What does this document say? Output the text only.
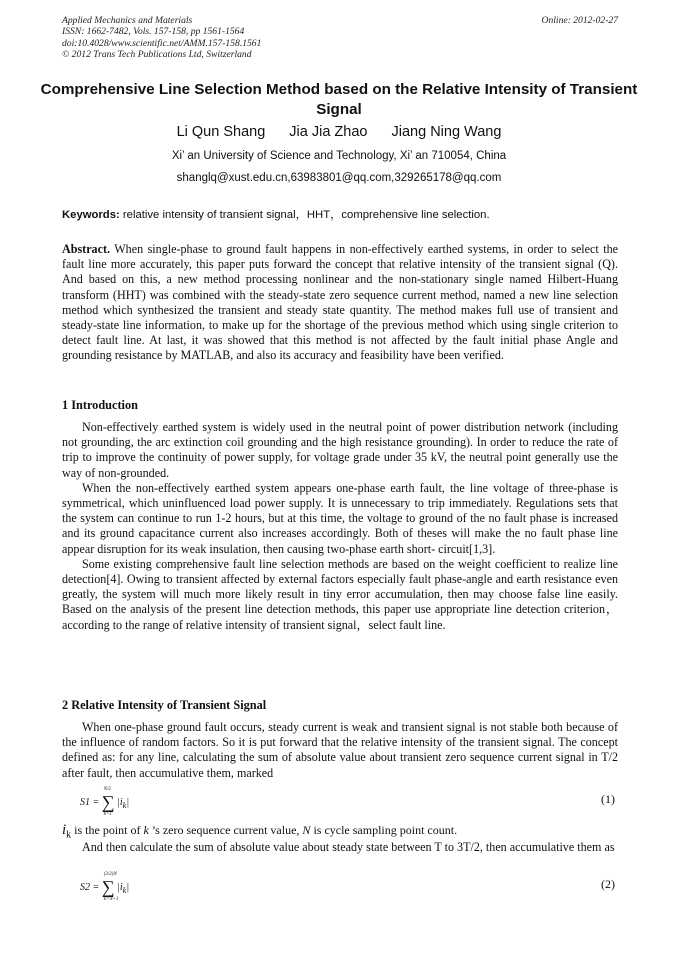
Applied Mechanics and Materials
ISSN: 1662-7482, Vols. 157-158, pp 1561-1564
doi:10.4028/www.scientific.net/AMM.157-158.1561
© 2012 Trans Tech Publications Ltd, Switzerland
Online: 2012-02-27
Comprehensive Line Selection Method based on the Relative Intensity of Transient Signal
Li Qun Shang Jia Jia Zhao Jiang Ning Wang
Xi’ an University of Science and Technology, Xi’ an 710054, China
shanglq@xust.edu.cn,63983801@qq.com,329265178@qq.com
Keywords: relative intensity of transient signal，HHT，comprehensive line selection.
Abstract. When single-phase to ground fault happens in non-effectively earthed systems, in order to select the fault line more accurately, this paper puts forward the concept that relative intensity of the transient signal (Q). And based on this, a new method processing nonlinear and the non-stationary single named Hilbert-Huang transform (HHT) was combined with the steady-state zero sequence current method, named a new line selection method which synthesized the transient and steady state quantity. The method makes full use of transient and steady-state line information, to make up for the shortage of the previous method which using single criterion to detect fault line. At last, it was showed that this method is not affected by the fault initial phase Angle and grounding resistance by MATLAB, and also its accuracy and feasibility have been verified.
1 Introduction

Non-effectively earthed system is widely used in the neutral point of power distribution network (including not grounding, the arc extinction coil grounding and the high resistance grounding). In order to reduce the rate of trip to improve the continuity of power supply, for voltage grade under 35 kV, the neutral point generally use the way of non-grounded.

When the non-effectively earthed system appears one-phase earth fault, the line voltage of three-phase is symmetrical, which uninfluenced load power supply. It is unnecessary to trip immediately. Regulations sets that the system can continue to run 1-2 hours, but at this time, the voltage to ground of the no fault phase is increased and its ground capacitance current also increases accordingly. Both of theses will make the no fault phase line appear disruption for its weak insulation, then causing two-phase earth short- circuit[1,3].

Some existing comprehensive fault line selection methods are based on the weight coefficient to realize line detection[4]. Owing to transient affected by external factors especially fault phase-angle and earth resistance even greatly, the system will much more likely result in tiny error accumulation, then may choose false line easily. Based on the analysis of the present line detection methods, this paper use appropriate line detection criterion，according to the range of relative intensity of transient signal，select fault line.

2 Relative Intensity of Transient Signal

When one-phase ground fault occurs, steady current is weak and transient signal is not stable both because of the influence of random factors. So it is put forward that the relative intensity of the transient signal. The concept defined as: for any line, calculating the sum of absolute value about transient zero sequence current signal in T/2 after fault, then accumulative them, marked

S1 = ∑
N/2
k=1
$|i_k|$	(1)
$i_k$ is the point of k ’s zero sequence current value, N is cycle sampling point count.

And then calculate the sum of absolute value about steady state between T to 3T/2, then accumulative them as

S2 = ∑
(3/2)N
k=N+1
$|i_k|$	(2)
